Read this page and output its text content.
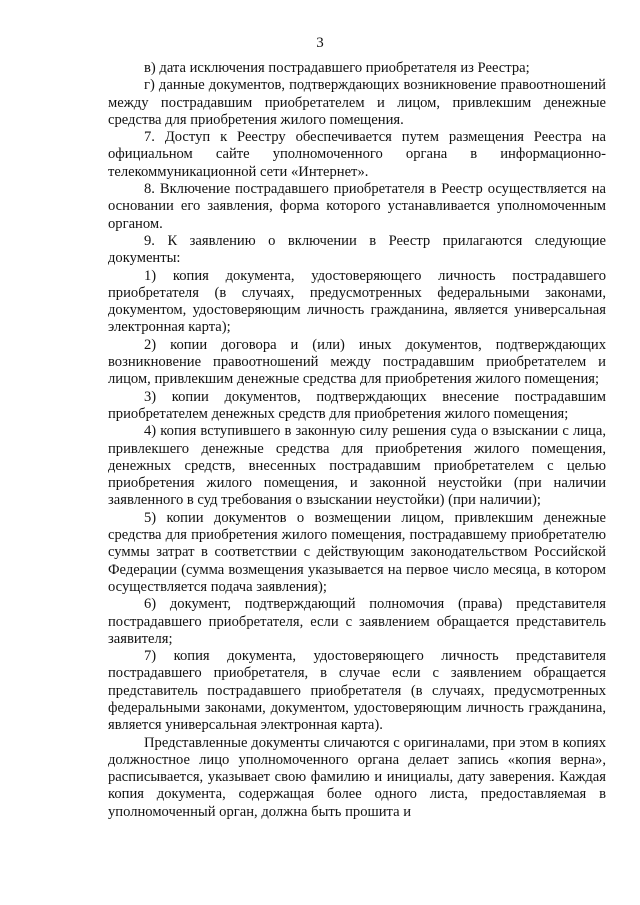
3

в) дата исключения пострадавшего приобретателя из Реестра;

г) данные документов, подтверждающих возникновение правоотношений между пострадавшим приобретателем и лицом, привлекшим денежные средства для приобретения жилого помещения.

7. Доступ к Реестру обеспечивается путем размещения Реестра на официальном сайте уполномоченного органа в информационно-телекоммуникационной сети «Интернет».

8. Включение пострадавшего приобретателя в Реестр осуществляется на основании его заявления, форма которого устанавливается уполномоченным органом.

9. К заявлению о включении в Реестр прилагаются следующие документы:

1) копия документа, удостоверяющего личность пострадавшего приобретателя (в случаях, предусмотренных федеральными законами, документом, удостоверяющим личность гражданина, является универсальная электронная карта);

2) копии договора и (или) иных документов, подтверждающих возникновение правоотношений между пострадавшим приобретателем и лицом, привлекшим денежные средства для приобретения жилого помещения;

3) копии документов, подтверждающих внесение пострадавшим приобретателем денежных средств для приобретения жилого помещения;

4) копия вступившего в законную силу решения суда о взыскании с лица, привлекшего денежные средства для приобретения жилого помещения, денежных средств, внесенных пострадавшим приобретателем с целью приобретения жилого помещения, и законной неустойки (при наличии заявленного в суд требования о взыскании неустойки) (при наличии);

5) копии документов о возмещении лицом, привлекшим денежные средства для приобретения жилого помещения, пострадавшему приобретателю суммы затрат в соответствии с действующим законодательством Российской Федерации (сумма возмещения указывается на первое число месяца, в котором осуществляется подача заявления);

6) документ, подтверждающий полномочия (права) представителя пострадавшего приобретателя, если с заявлением обращается представитель заявителя;

7) копия документа, удостоверяющего личность представителя пострадавшего приобретателя, в случае если с заявлением обращается представитель пострадавшего приобретателя (в случаях, предусмотренных федеральными законами, документом, удостоверяющим личность гражданина, является универсальная электронная карта).

Представленные документы сличаются с оригиналами, при этом в копиях должностное лицо уполномоченного органа делает запись «копия верна», расписывается, указывает свою фамилию и инициалы, дату заверения. Каждая копия документа, содержащая более одного листа, предоставляемая в уполномоченный орган, должна быть прошита и
